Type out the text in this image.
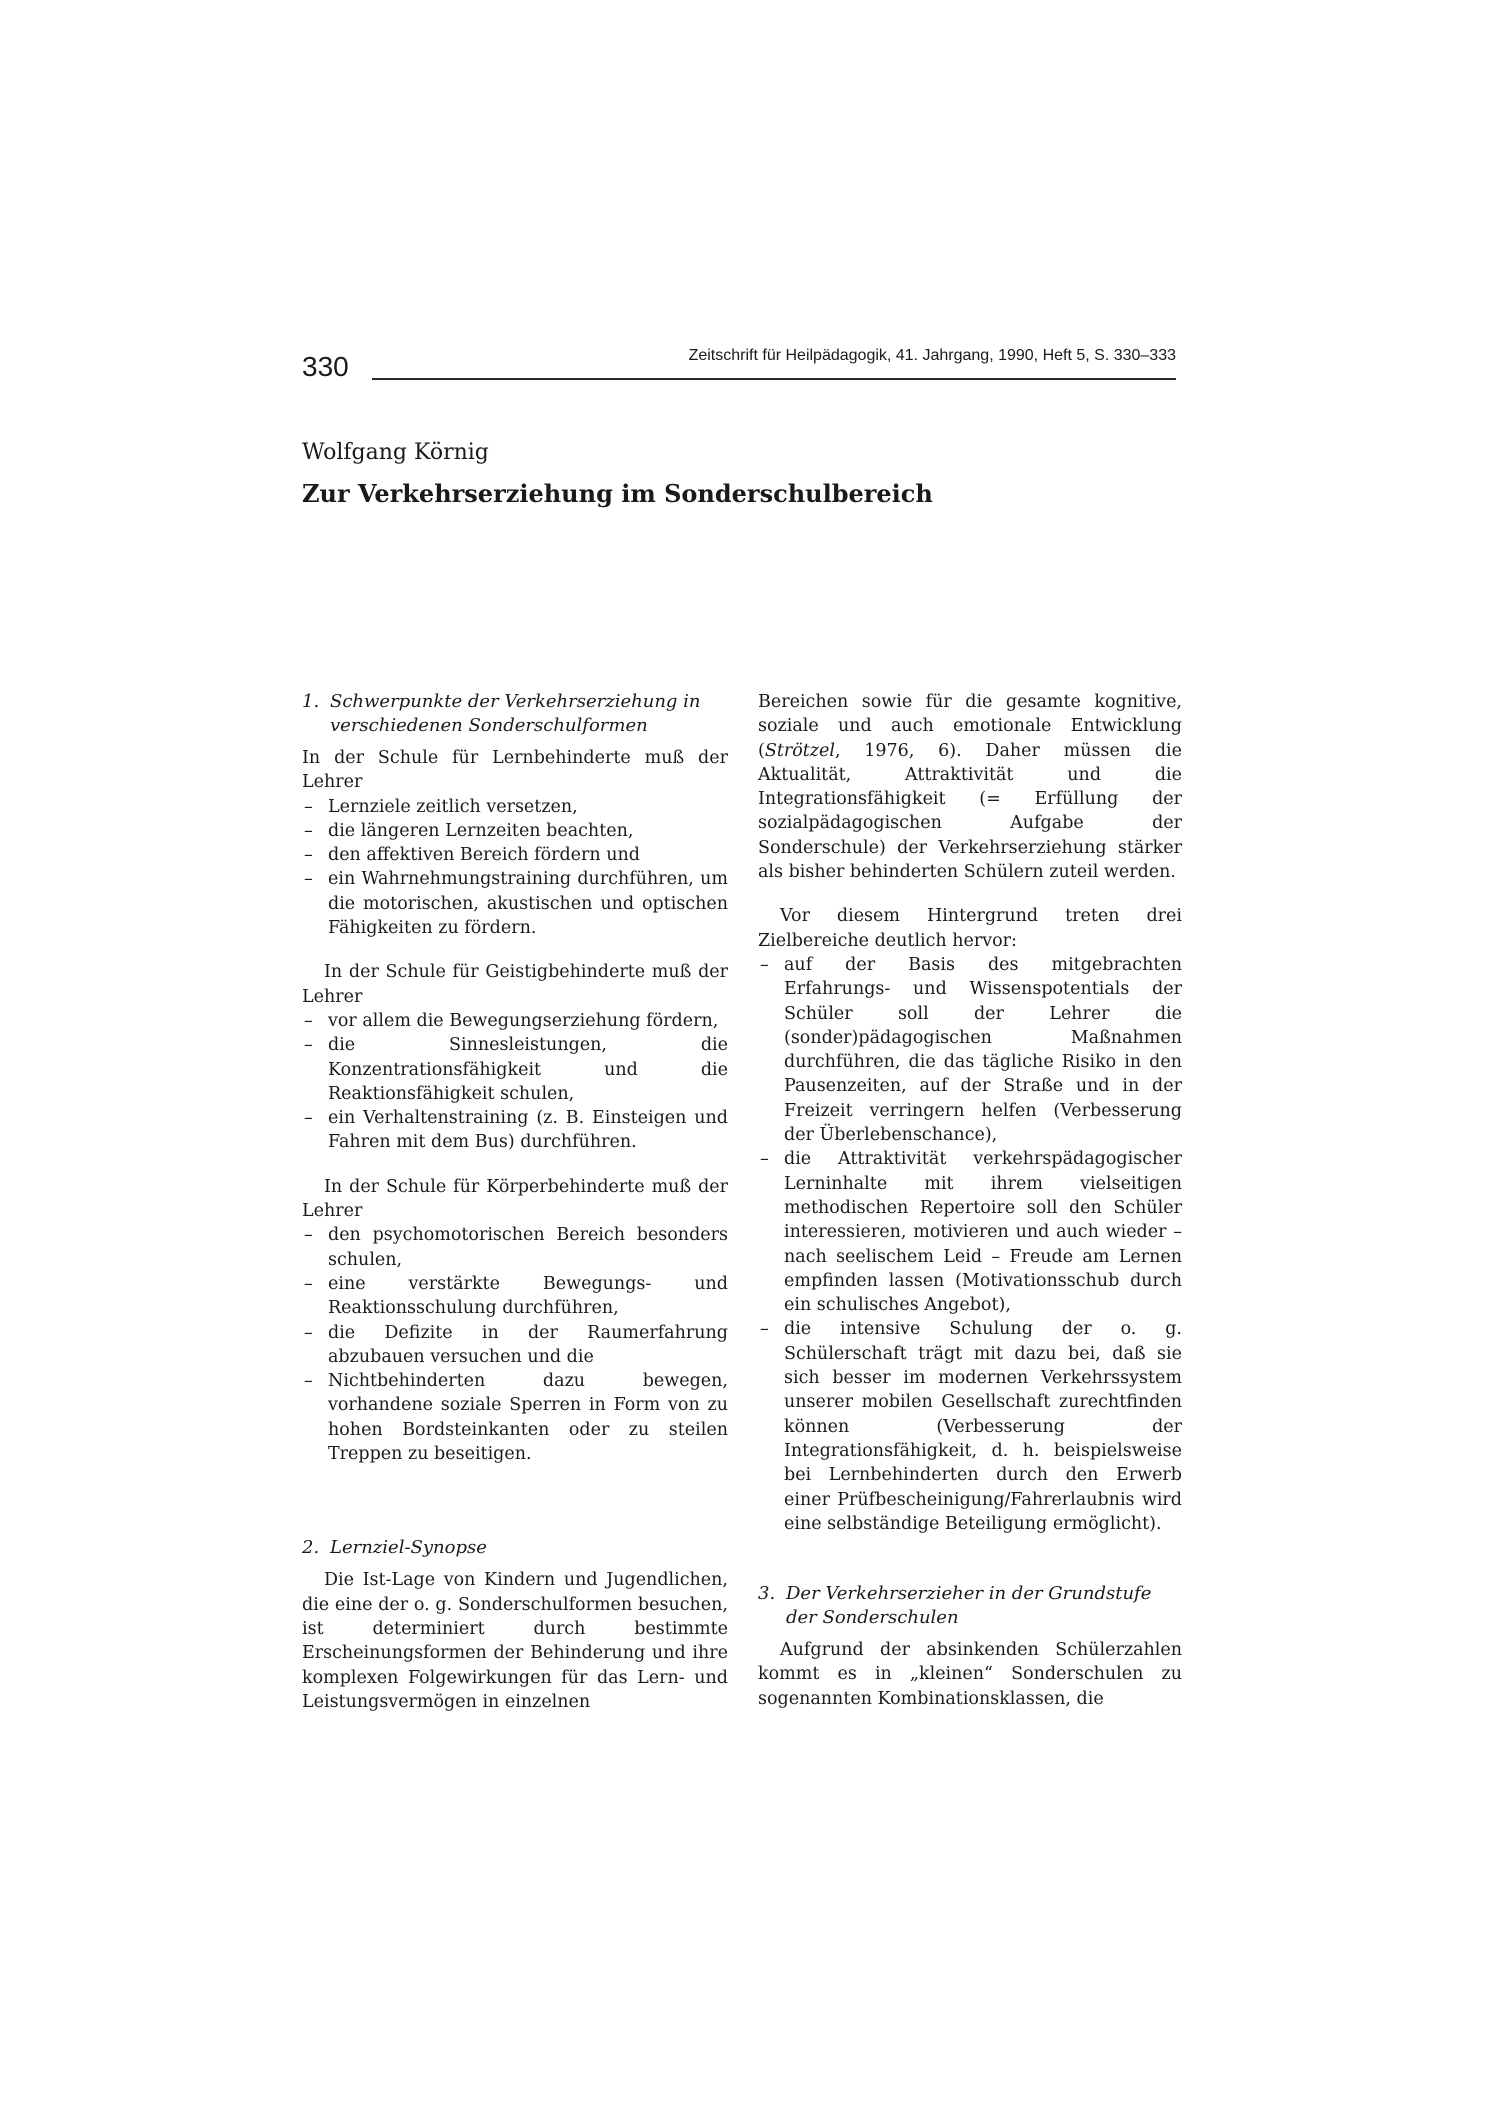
330	Zeitschrift für Heilpädagogik, 41. Jahrgang, 1990, Heft 5, S. 330–333
Wolfgang Körnig
Zur Verkehrserziehung im Sonderschulbereich
1. Schwerpunkte der Verkehrserziehung in verschiedenen Sonderschulformen

In der Schule für Lernbehinderte muß der Lehrer

– Lernziele zeitlich versetzen,
– die längeren Lernzeiten beachten,
– den affektiven Bereich fördern und
– ein Wahrnehmungstraining durchführen, um die motorischen, akustischen und optischen Fähigkeiten zu fördern.

In der Schule für Geistigbehinderte muß der Lehrer

– vor allem die Bewegungserziehung fördern,
– die Sinnesleistungen, die Konzentrationsfähigkeit und die Reaktionsfähigkeit schulen,
– ein Verhaltenstraining (z. B. Einsteigen und Fahren mit dem Bus) durchführen.

In der Schule für Körperbehinderte muß der Lehrer

– den psychomotorischen Bereich besonders schulen,
– eine verstärkte Bewegungs- und Reaktionsschulung durchführen,
– die Defizite in der Raumerfahrung abzubauen versuchen und die
– Nichtbehinderten dazu bewegen, vorhandene soziale Sperren in Form von zu hohen Bordsteinkanten oder zu steilen Treppen zu beseitigen.
2. Lernziel-Synopse

Die Ist-Lage von Kindern und Jugendlichen, die eine der o. g. Sonderschulformen besuchen, ist determiniert durch bestimmte Erscheinungsformen der Behinderung und ihre komplexen Folgewirkungen für das Lern- und Leistungsvermögen in einzelnen

Bereichen sowie für die gesamte kognitive, soziale und auch emotionale Entwicklung (Strötzel, 1976, 6). Daher müssen die Aktualität, Attraktivität und die Integrationsfähigkeit (= Erfüllung der sozialpädagogischen Aufgabe der Sonderschule) der Verkehrserziehung stärker als bisher behinderten Schülern zuteil werden.

Vor diesem Hintergrund treten drei Zielbereiche deutlich hervor:

– auf der Basis des mitgebrachten Erfahrungs- und Wissenspotentials der Schüler soll der Lehrer die (sonder)pädagogischen Maßnahmen durchführen, die das tägliche Risiko in den Pausenzeiten, auf der Straße und in der Freizeit verringern helfen (Verbesserung der Überlebenschance),
– die Attraktivität verkehrspädagogischer Lerninhalte mit ihrem vielseitigen methodischen Repertoire soll den Schüler interessieren, motivieren und auch wieder – nach seelischem Leid – Freude am Lernen empfinden lassen (Motivationsschub durch ein schulisches Angebot),
– die intensive Schulung der o. g. Schülerschaft trägt mit dazu bei, daß sie sich besser im modernen Verkehrssystem unserer mobilen Gesellschaft zurechtfinden können (Verbesserung der Integrationsfähigkeit, d. h. beispielsweise bei Lernbehinderten durch den Erwerb einer Prüfbescheinigung/Fahrerlaubnis wird eine selbständige Beteiligung ermöglicht).
3. Der Verkehrserzieher in der Grundstufe der Sonderschulen

Aufgrund der absinkenden Schülerzahlen kommt es in „kleinen“ Sonderschulen zu sogenannten Kombinationsklassen, die
